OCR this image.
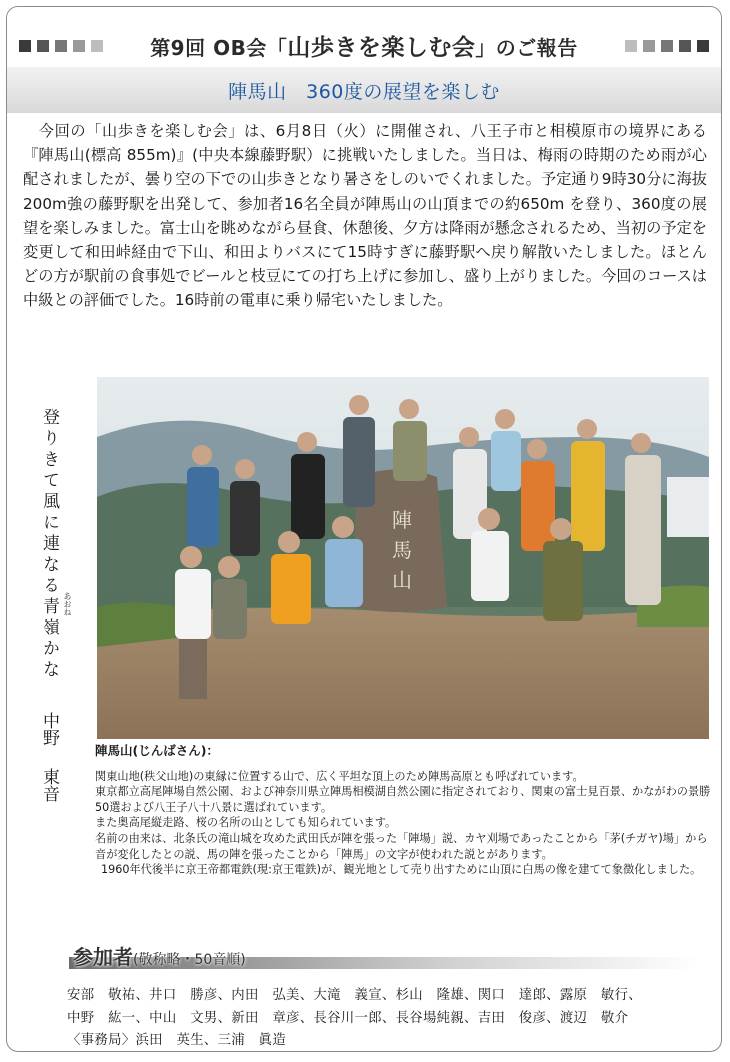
第9回 OB会「山歩きを楽しむ会」のご報告
陣馬山　360度の展望を楽しむ
　今回の「山歩きを楽しむ会」は、6月8日（火）に開催され、八王子市と相模原市の境界にある『陣馬山(標高 855m)』(中央本線藤野駅）に挑戦いたしました。当日は、梅雨の時期のため雨が心配されましたが、曇り空の下での山歩きとなり暑さをしのいでくれました。予定通り9時30分に海抜200m強の藤野駅を出発して、参加者16名全員が陣馬山の山頂までの約650m を登り、360度の展望を楽しみました。富士山を眺めながら昼食、休憩後、夕方は降雨が懸念されるため、当初の予定を変更して和田峠経由で下山、和田よりバスにて15時すぎに藤野駅へ戻り解散いたしました。ほとんどの方が駅前の食事処でビールと枝豆にての打ち上げに参加し、盛り上がりました。今回のコースは中級との評価でした。16時前の電車に乗り帰宅いたしました。
陣
馬
山
陣馬山(じんばさん)：

関東山地(秩父山地)の東縁に位置する山で、広く平坦な頂上のため陣馬高原とも呼ばれています。

東京都立高尾陣場自然公園、および神奈川県立陣馬相模湖自然公園に指定されており、関東の富士見百景、かながわの景勝50選および八王子八十八景に選ばれています。

また奥高尾縦走路、桜の名所の山としても知られています。

名前の由来は、北条氏の滝山城を攻めた武田氏が陣を張った「陣場」説、カヤ刈場であったことから「茅(チガヤ)場」から音が変化したとの説、馬の陣を張ったことから「陣馬」の文字が使われた説とがあります。

1960年代後半に京王帝都電鉄(現:京王電鉄)が、観光地として売り出すために山頂に白馬の像を建てて象徴化しました。

参加者(敬称略・50音順)
安部　敬祐、井口　勝彦、内田　弘美、大滝　義宣、杉山　隆雄、関口　達郎、露原　敏行、
中野　紘一、中山　文男、新田　章彦、長谷川一郎、長谷場純親、吉田　俊彦、渡辺　敬介
〈事務局〉浜田　英生、三浦　眞造
登りきて風に連なる青嶺かな あおね
中野東音
